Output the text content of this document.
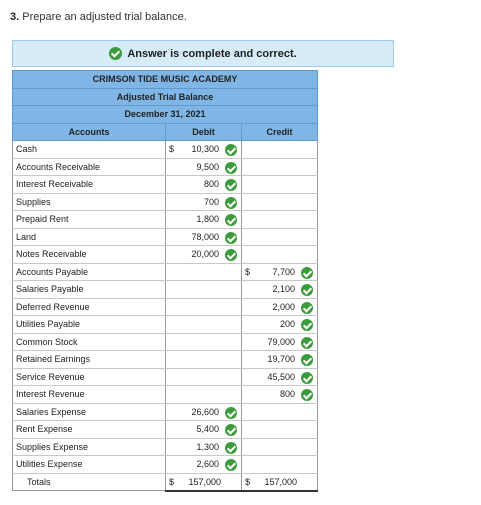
3. Prepare an adjusted trial balance.
Answer is complete and correct.
CRIMSON TIDE MUSIC ACADEMY		
Adjusted Trial Balance		
December 31, 2021		
Accounts	Debit	Credit
Cash	$ 10,300

Accounts Receivable	9,500

Interest Receivable	800

Supplies	700

Prepaid Rent	1,800

Land	78,000

Notes Receivable	20,000

Accounts Payable		$ 7,700

Salaries Payable		2,100

Deferred Revenue		2,000

Utilities Payable		200

Common Stock		79,000

Retained Earnings		19,700

Service Revenue		45,500

Interest Revenue		800

Salaries Expense	26,600

Rent Expense	5,400

Supplies Expense	1,300

Utilities Expense	2,600

Totals	$ 157,000	$ 157,000
